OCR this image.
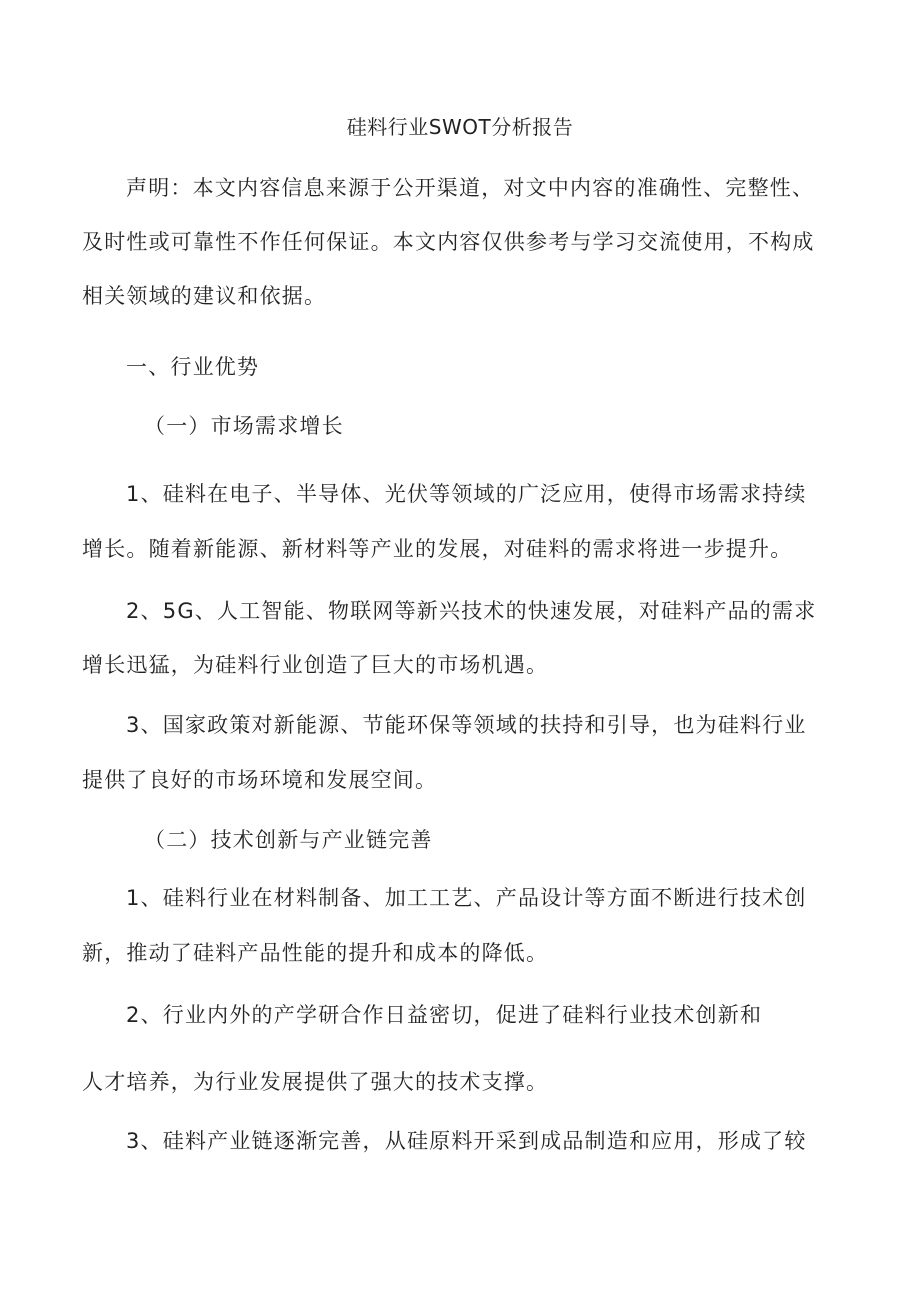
硅料行业SWOT分析报告
声明：本文内容信息来源于公开渠道，对文中内容的准确性、完整性、
及时性或可靠性不作任何保证。本文内容仅供参考与学习交流使用，不构成
相关领域的建议和依据。
一、行业优势
（一）市场需求增长
1、硅料在电子、半导体、光伏等领域的广泛应用，使得市场需求持续
增长。随着新能源、新材料等产业的发展，对硅料的需求将进一步提升。
2、5G、人工智能、物联网等新兴技术的快速发展，对硅料产品的需求
增长迅猛，为硅料行业创造了巨大的市场机遇。
3、国家政策对新能源、节能环保等领域的扶持和引导，也为硅料行业
提供了良好的市场环境和发展空间。
（二）技术创新与产业链完善
1、硅料行业在材料制备、加工工艺、产品设计等方面不断进行技术创
新，推动了硅料产品性能的提升和成本的降低。
2、行业内外的产学研合作日益密切，促进了硅料行业技术创新和
人才培养，为行业发展提供了强大的技术支撑。
3、硅料产业链逐渐完善，从硅原料开采到成品制造和应用，形成了较
